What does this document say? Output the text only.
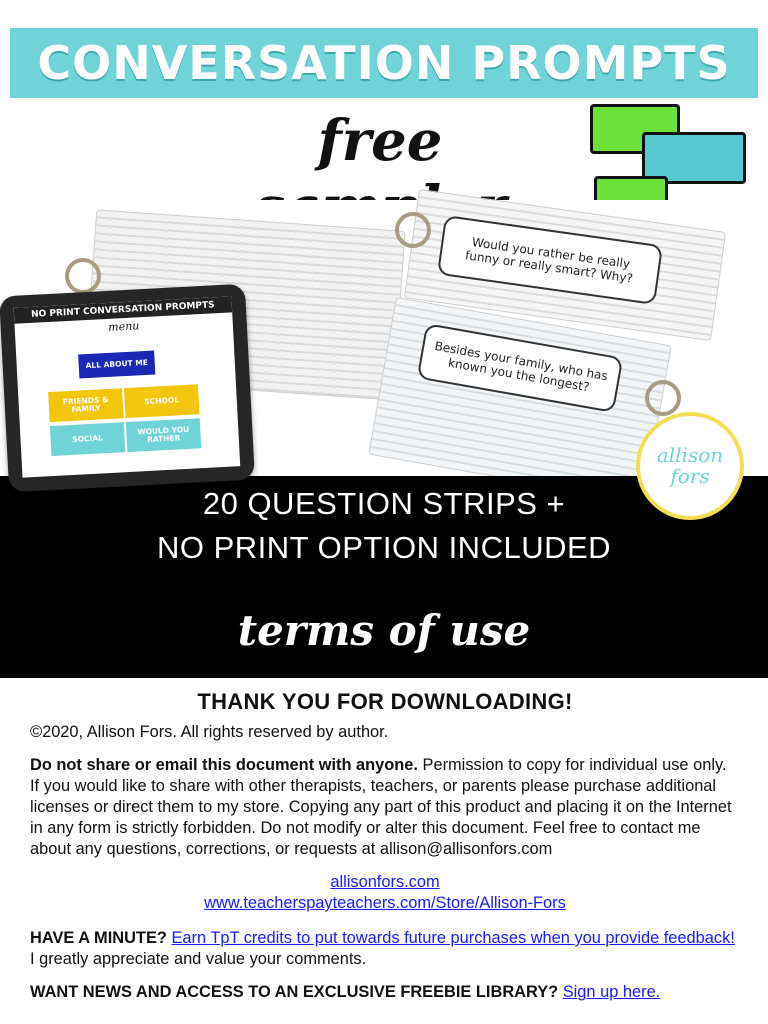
CONVERSATION PROMPTS
free
Would you rather be really funny or really smart? Why?
Besides your family, who has known you the longest?
20 QUESTION STRIPS +
NO PRINT OPTION INCLUDED
terms of use
NO PRINT CONVERSATION PROMPTS
menu
ALL ABOUT ME
FRIENDS & FAMILY
SCHOOL
SOCIAL
WOULD YOU RATHER
allison
fors
THANK YOU FOR DOWNLOADING!
©2020, Allison Fors. All rights reserved by author.
Do not share or email this document with anyone. Permission to copy for individual use only. If you would like to share with other therapists, teachers, or parents please purchase additional licenses or direct them to my store. Copying any part of this product and placing it on the Internet in any form is strictly forbidden. Do not modify or alter this document. Feel free to contact me about any questions, corrections, or requests at allison@allisonfors.com
allisonfors.com
www.teacherspayteachers.com/Store/Allison-Fors
HAVE A MINUTE? Earn TpT credits to put towards future purchases when you provide feedback! I greatly appreciate and value your comments.
WANT NEWS AND ACCESS TO AN EXCLUSIVE FREEBIE LIBRARY? Sign up here.
